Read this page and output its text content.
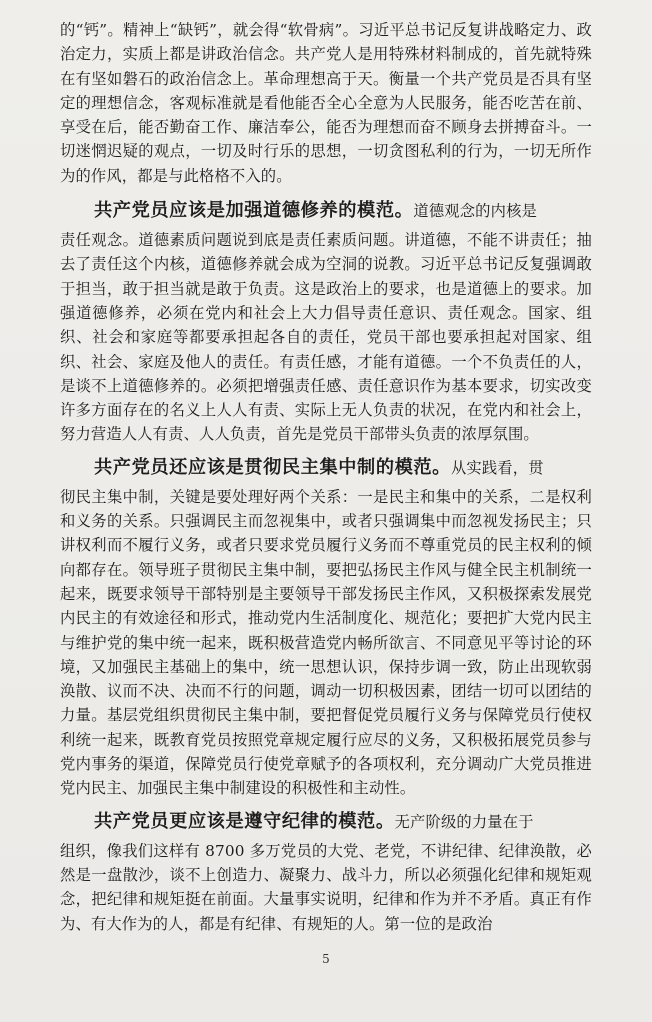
的“钙”。精神上“缺钙”，就会得“软骨病”。习近平总书记反复讲战略定力、政治定力，实质上都是讲政治信念。共产党人是用特殊材料制成的，首先就特殊在有坚如磐石的政治信念上。革命理想高于天。衡量一个共产党员是否具有坚定的理想信念，客观标准就是看他能否全心全意为人民服务，能否吃苦在前、享受在后，能否勤奋工作、廉洁奉公，能否为理想而奋不顾身去拼搏奋斗。一切迷惘迟疑的观点，一切及时行乐的思想，一切贪图私利的行为，一切无所作为的作风，都是与此格格不入的。

共产党员应该是加强道德修养的模范。道德观念的内核是

责任观念。道德素质问题说到底是责任素质问题。讲道德，不能不讲责任；抽去了责任这个内核，道德修养就会成为空洞的说教。习近平总书记反复强调敢于担当，敢于担当就是敢于负责。这是政治上的要求，也是道德上的要求。加强道德修养，必须在党内和社会上大力倡导责任意识、责任观念。国家、组织、社会和家庭等都要承担起各自的责任，党员干部也要承担起对国家、组织、社会、家庭及他人的责任。有责任感，才能有道德。一个不负责任的人，是谈不上道德修养的。必须把增强责任感、责任意识作为基本要求，切实改变许多方面存在的名义上人人有责、实际上无人负责的状况，在党内和社会上，努力营造人人有责、人人负责，首先是党员干部带头负责的浓厚氛围。

共产党员还应该是贯彻民主集中制的模范。从实践看，贯

彻民主集中制，关键是要处理好两个关系：一是民主和集中的关系，二是权利和义务的关系。只强调民主而忽视集中，或者只强调集中而忽视发扬民主；只讲权利而不履行义务，或者只要求党员履行义务而不尊重党员的民主权利的倾向都存在。领导班子贯彻民主集中制，要把弘扬民主作风与健全民主机制统一起来，既要求领导干部特别是主要领导干部发扬民主作风，又积极探索发展党内民主的有效途径和形式，推动党内生活制度化、规范化；要把扩大党内民主与维护党的集中统一起来，既积极营造党内畅所欲言、不同意见平等讨论的环境，又加强民主基础上的集中，统一思想认识，保持步调一致，防止出现软弱涣散、议而不决、决而不行的问题，调动一切积极因素，团结一切可以团结的力量。基层党组织贯彻民主集中制，要把督促党员履行义务与保障党员行使权利统一起来，既教育党员按照党章规定履行应尽的义务，又积极拓展党员参与党内事务的渠道，保障党员行使党章赋予的各项权利，充分调动广大党员推进党内民主、加强民主集中制建设的积极性和主动性。

共产党员更应该是遵守纪律的模范。无产阶级的力量在于

组织，像我们这样有 8700 多万党员的大党、老党，不讲纪律、纪律涣散，必然是一盘散沙，谈不上创造力、凝聚力、战斗力，所以必须强化纪律和规矩观念，把纪律和规矩挺在前面。大量事实说明，纪律和作为并不矛盾。真正有作为、有大作为的人，都是有纪律、有规矩的人。第一位的是政治

5
